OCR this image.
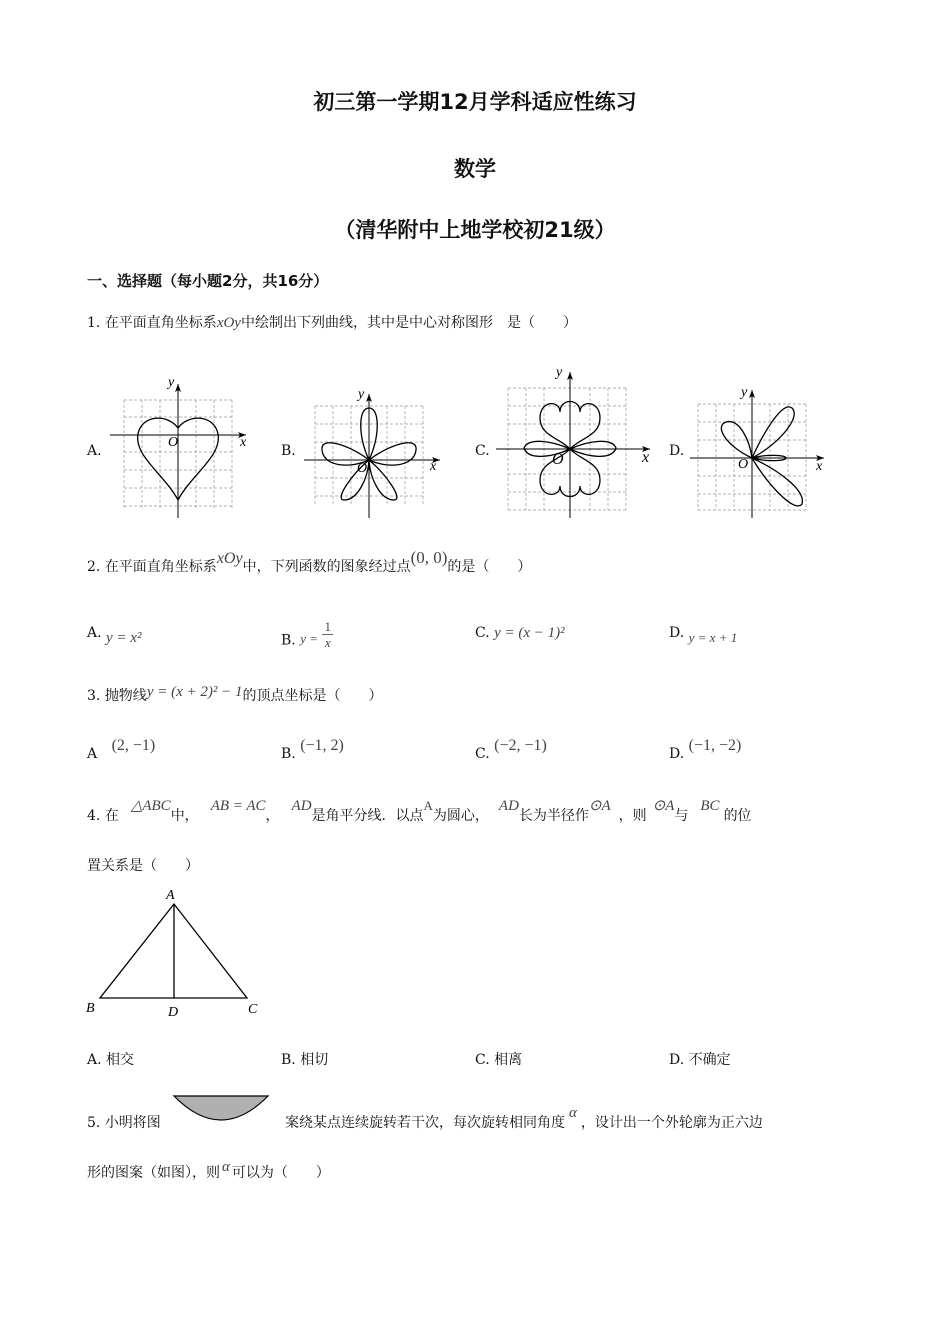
初三第一学期12月学科适应性练习
数学
（清华附中上地学校初21级）
一、选择题（每小题2分，共16分）
1. 在平面直角坐标系xOy中绘制出下列曲线，其中是中心对称图形　是（　　）
A.	B.	C.	D.
O	x
y
O	x
y
O	x
y
O	x
y
2. 在平面直角坐标系xOy中，下列函数的图象经过点(0, 0)的是（　　）
A. y = x²	B. $y = \frac{1}{x}$	C. y = (x − 1)²	D. y = x + 1
3. 抛物线y = (x + 2)² − 1的顶点坐标是（　　）
A (2, −1)	B. (−1, 2)	C. (−2, −1)	D. (−1, −2)
4. 在△ABC中，AB = AC，AD是角平分线．以点A为圆心，AD长为半径作⊙A，则⊙A与BC的位
置关系是（　　）
A
B	C
D
A. 相交	B. 相切	C. 相离	D. 不确定
5. 小明将图	案绕某点连续旋转若干次，每次旋转相同角度α，设计出一个外轮廓为正六边
形的图案（如图），则 α 可以为（　　）
